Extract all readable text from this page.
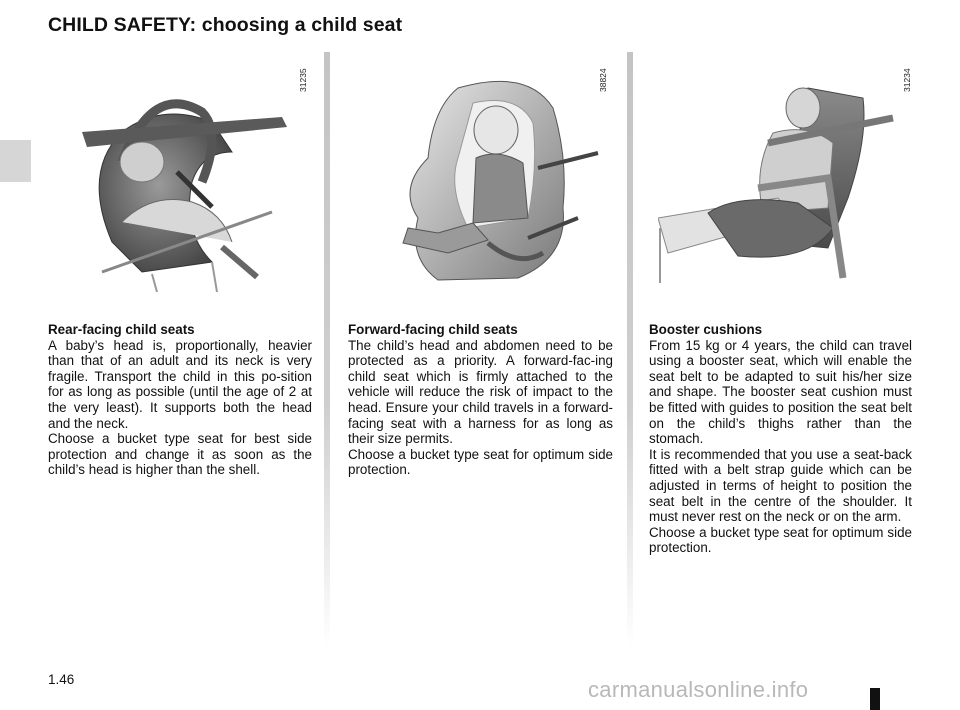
CHILD SAFETY: choosing a child seat
31235	38824	31234
Rear-facing child seats

A baby’s head is, proportionally, heavier than that of an adult and its neck is very fragile. Transport the child in this po-sition for as long as possible (until the age of 2 at the very least). It supports both the head and the neck.

Choose a bucket type seat for best side protection and change it as soon as the child’s head is higher than the shell.

Forward-facing child seats

The child’s head and abdomen need to be protected as a priority. A forward-fac-ing child seat which is firmly attached to the vehicle will reduce the risk of impact to the head. Ensure your child travels in a forward-facing seat with a harness for as long as their size permits.

Choose a bucket type seat for optimum side protection.

Booster cushions

From 15 kg or 4 years, the child can travel using a booster seat, which will enable the seat belt to be adapted to suit his/her size and shape. The booster seat cushion must be fitted with guides to position the seat belt on the child’s thighs rather than the stomach.

It is recommended that you use a seat-back fitted with a belt strap guide which can be adjusted in terms of height to position the seat belt in the centre of the shoulder. It must never rest on the neck or on the arm.

Choose a bucket type seat for optimum side protection.

1.46	carmanualsonline.info
